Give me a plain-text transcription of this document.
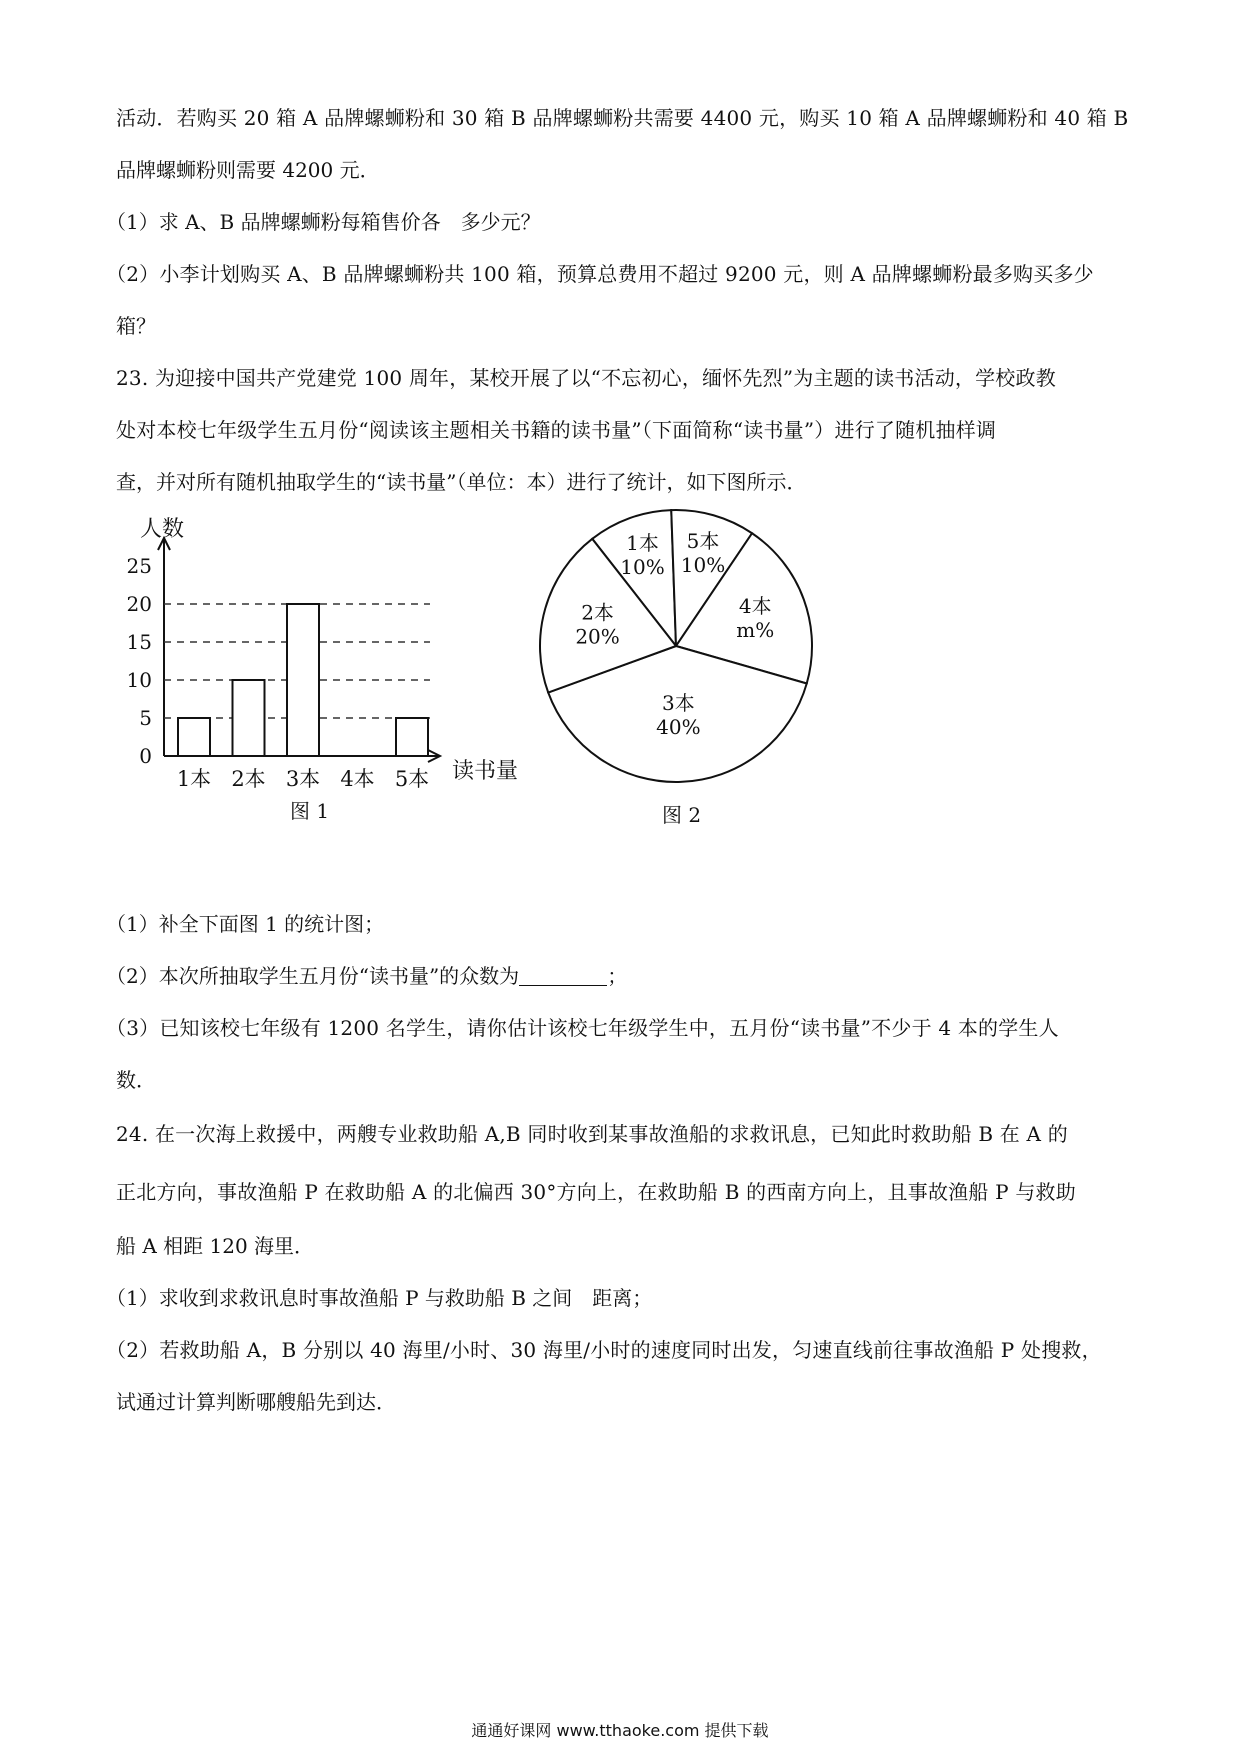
活动．若购买 20 箱 A 品牌螺蛳粉和 30 箱 B 品牌螺蛳粉共需要 4400 元，购买 10 箱 A 品牌螺蛳粉和 40 箱 B
品牌螺蛳粉则需要 4200 元．
（1）求 A、B 品牌螺蛳粉每箱售价各　多少元？
（2）小李计划购买 A、B 品牌螺蛳粉共 100 箱，预算总费用不超过 9200 元，则 A 品牌螺蛳粉最多购买多少
箱？
23. 为迎接中国共产党建党 100 周年，某校开展了以“不忘初心，缅怀先烈”为主题的读书活动，学校政教
处对本校七年级学生五月份“阅读该主题相关书籍的读书量”（下面简称“读书量”）进行了随机抽样调
查，并对所有随机抽取学生的“读书量”（单位：本）进行了统计，如下图所示．
0
5
10
15
20
25
1本 2本 3本 4本 5本
人数
读书量
图 1
1本
10%
5本
10%
4本
m%
3本
40%
2本
20%
图 2
（1）补全下面图 1 的统计图；
（2）本次所抽取学生五月份“读书量”的众数为	；
（3）已知该校七年级有 1200 名学生，请你估计该校七年级学生中，五月份“读书量”不少于 4 本的学生人
数．
24. 在一次海上救援中，两艘专业救助船 A,B 同时收到某事故渔船的求救讯息，已知此时救助船 B 在 A 的
正北方向，事故渔船 P 在救助船 A 的北偏西 30°方向上，在救助船 B 的西南方向上，且事故渔船 P 与救助
船 A 相距 120 海里．
（1）求收到求救讯息时事故渔船 P 与救助船 B 之间　距离；
（2）若救助船 A，B 分别以 40 海里/小时、30 海里/小时的速度同时出发，匀速直线前往事故渔船 P 处搜救，
试通过计算判断哪艘船先到达．
通通好课网 www.tthaoke.com 提供下载
